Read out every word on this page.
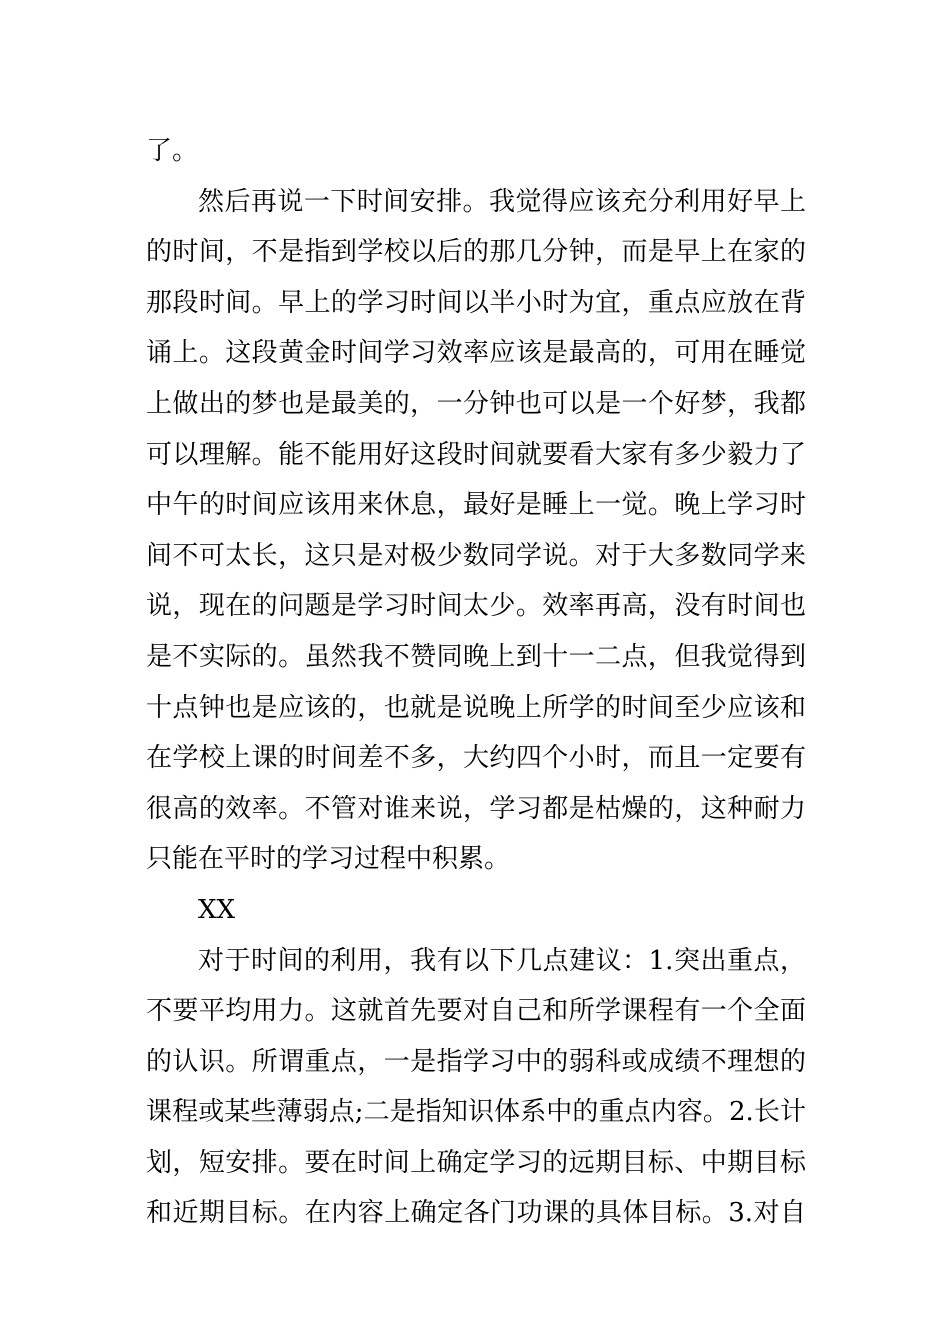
了。
然后再说一下时间安排。我觉得应该充分利用好早上
的时间，不是指到学校以后的那几分钟，而是早上在家的
那段时间。早上的学习时间以半小时为宜，重点应放在背
诵上。这段黄金时间学习效率应该是最高的，可用在睡觉
上做出的梦也是最美的，一分钟也可以是一个好梦，我都
可以理解。能不能用好这段时间就要看大家有多少毅力了
中午的时间应该用来休息，最好是睡上一觉。晚上学习时
间不可太长，这只是对极少数同学说。对于大多数同学来
说，现在的问题是学习时间太少。效率再高，没有时间也
是不实际的。虽然我不赞同晚上到十一二点，但我觉得到
十点钟也是应该的，也就是说晚上所学的时间至少应该和
在学校上课的时间差不多，大约四个小时，而且一定要有
很高的效率。不管对谁来说，学习都是枯燥的，这种耐力
只能在平时的学习过程中积累。
XX
对于时间的利用，我有以下几点建议：1.突出重点，
不要平均用力。这就首先要对自己和所学课程有一个全面
的认识。所谓重点，一是指学习中的弱科或成绩不理想的
课程或某些薄弱点;二是指知识体系中的重点内容。2.长计
划，短安排。要在时间上确定学习的远期目标、中期目标
和近期目标。在内容上确定各门功课的具体目标。3.对自
